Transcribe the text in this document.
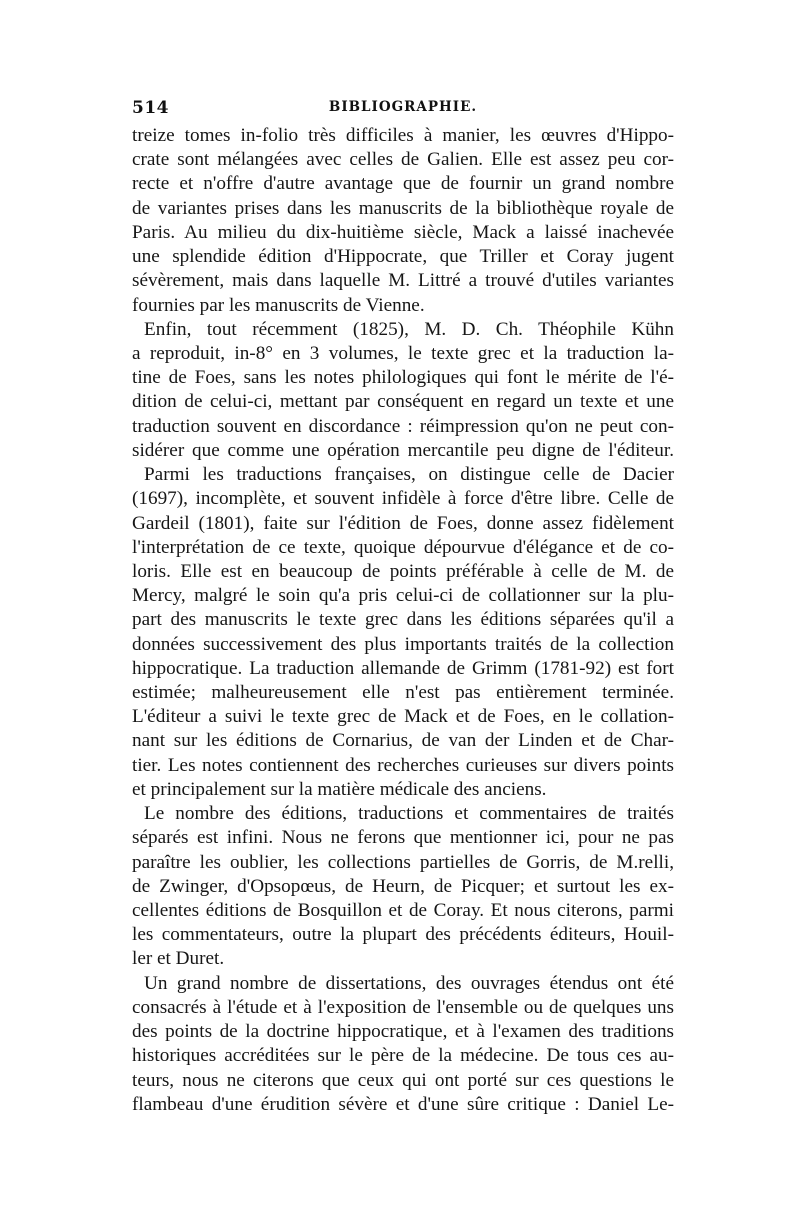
514	BIBLIOGRAPHIE.
treize tomes in-folio très difficiles à manier, les œuvres d'Hippo-
crate sont mélangées avec celles de Galien. Elle est assez peu cor-
recte et n'offre d'autre avantage que de fournir un grand nombre
de variantes prises dans les manuscrits de la bibliothèque royale de
Paris. Au milieu du dix-huitième siècle, Mack a laissé inachevée
une splendide édition d'Hippocrate, que Triller et Coray jugent
sévèrement, mais dans laquelle M. Littré a trouvé d'utiles variantes
fournies par les manuscrits de Vienne.
Enfin, tout récemment (1825), M. D. Ch. Théophile Kühn
a reproduit, in-8° en 3 volumes, le texte grec et la traduction la-
tine de Foes, sans les notes philologiques qui font le mérite de l'é-
dition de celui-ci, mettant par conséquent en regard un texte et une
traduction souvent en discordance : réimpression qu'on ne peut con-
sidérer que comme une opération mercantile peu digne de l'éditeur.
Parmi les traductions françaises, on distingue celle de Dacier
(1697), incomplète, et souvent infidèle à force d'être libre. Celle de
Gardeil (1801), faite sur l'édition de Foes, donne assez fidèlement
l'interprétation de ce texte, quoique dépourvue d'élégance et de co-
loris. Elle est en beaucoup de points préférable à celle de M. de
Mercy, malgré le soin qu'a pris celui-ci de collationner sur la plu-
part des manuscrits le texte grec dans les éditions séparées qu'il a
données successivement des plus importants traités de la collection
hippocratique. La traduction allemande de Grimm (1781-92) est fort
estimée; malheureusement elle n'est pas entièrement terminée.
L'éditeur a suivi le texte grec de Mack et de Foes, en le collation-
nant sur les éditions de Cornarius, de van der Linden et de Char-
tier. Les notes contiennent des recherches curieuses sur divers points
et principalement sur la matière médicale des anciens.
Le nombre des éditions, traductions et commentaires de traités
séparés est infini. Nous ne ferons que mentionner ici, pour ne pas
paraître les oublier, les collections partielles de Gorris, de M.relli,
de Zwinger, d'Opsopœus, de Heurn, de Picquer; et surtout les ex-
cellentes éditions de Bosquillon et de Coray. Et nous citerons, parmi
les commentateurs, outre la plupart des précédents éditeurs, Houil-
ler et Duret.
Un grand nombre de dissertations, des ouvrages étendus ont été
consacrés à l'étude et à l'exposition de l'ensemble ou de quelques uns
des points de la doctrine hippocratique, et à l'examen des traditions
historiques accréditées sur le père de la médecine. De tous ces au-
teurs, nous ne citerons que ceux qui ont porté sur ces questions le
flambeau d'une érudition sévère et d'une sûre critique : Daniel Le-
